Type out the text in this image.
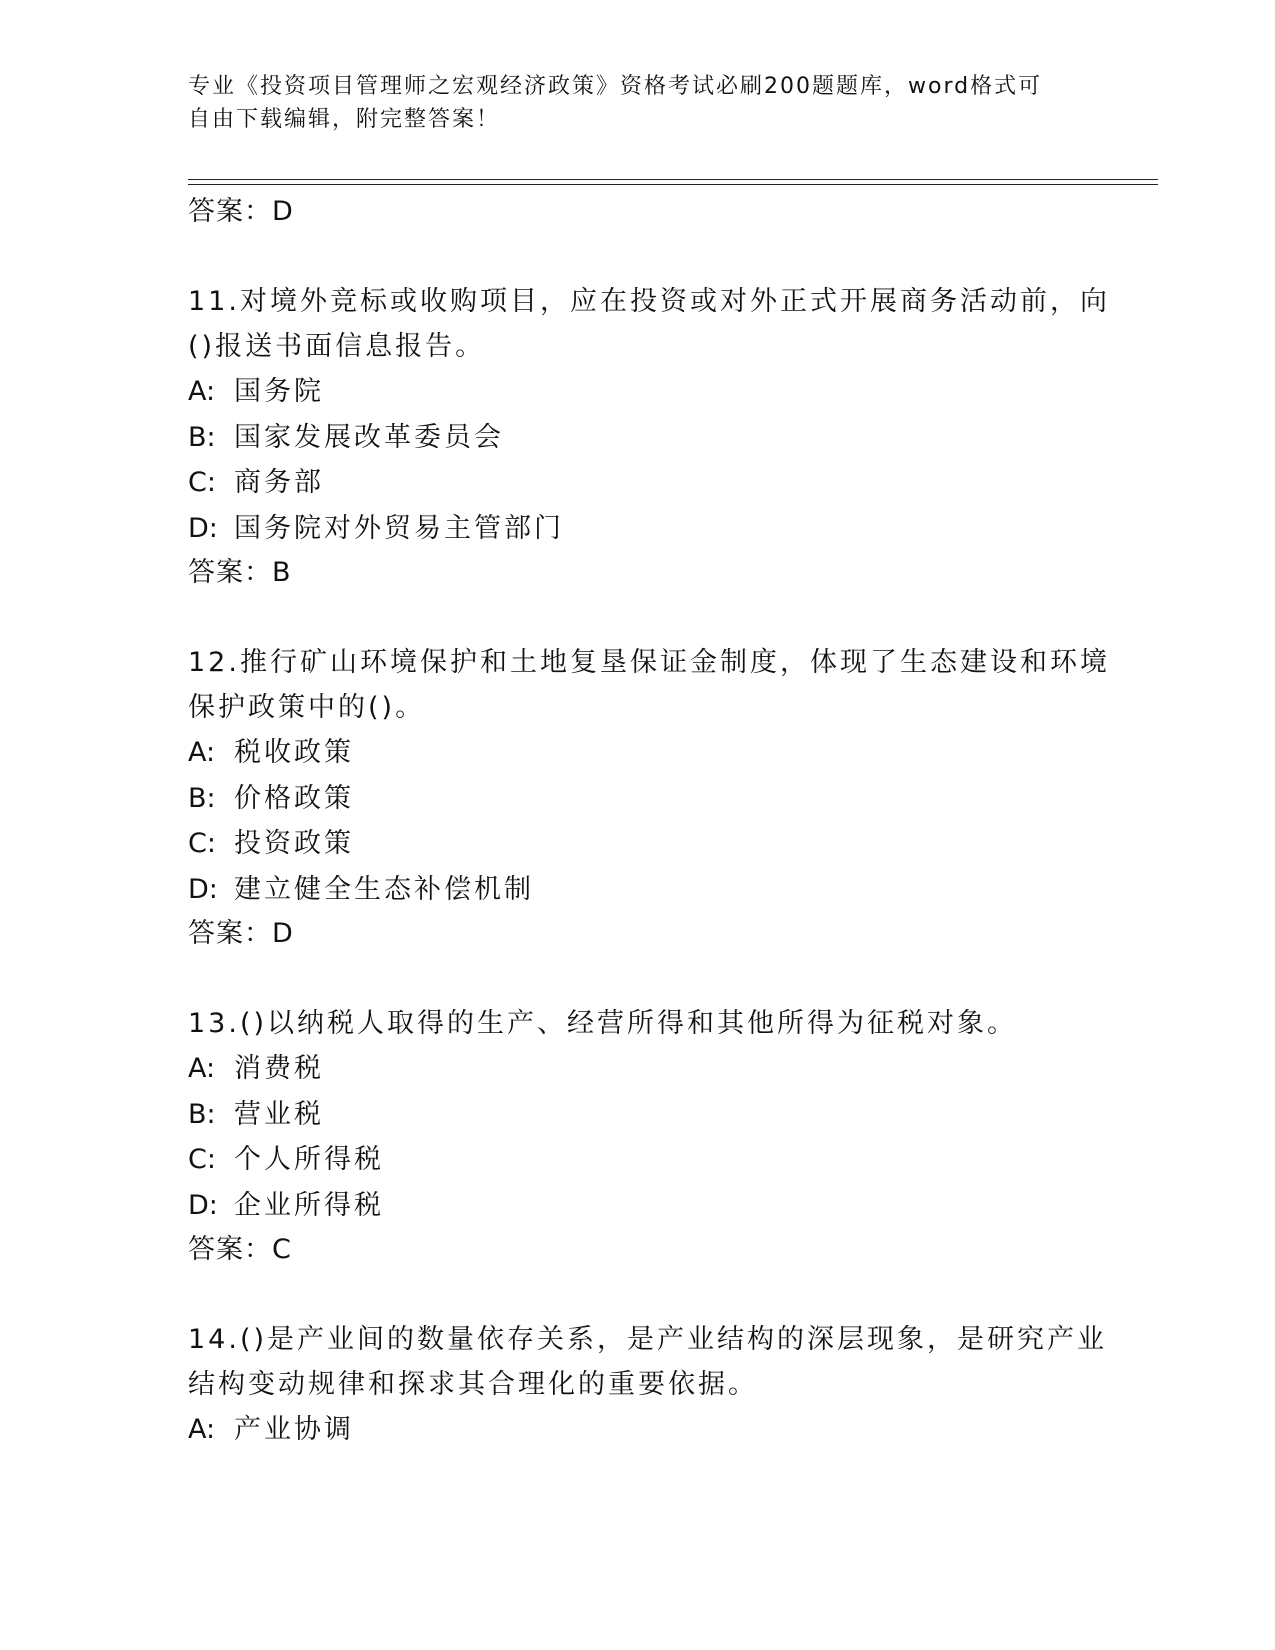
专业《投资项目管理师之宏观经济政策》资格考试必刷200题题库，word格式可
自由下载编辑，附完整答案！
答案：D
11.对境外竞标或收购项目，应在投资或对外正式开展商务活动前，向
()报送书面信息报告。
A: 国务院
B: 国家发展改革委员会
C: 商务部
D: 国务院对外贸易主管部门
答案：B
12.推行矿山环境保护和土地复垦保证金制度，体现了生态建设和环境
保护政策中的()。
A: 税收政策
B: 价格政策
C: 投资政策
D: 建立健全生态补偿机制
答案：D
13.()以纳税人取得的生产、经营所得和其他所得为征税对象。
A: 消费税
B: 营业税
C: 个人所得税
D: 企业所得税
答案：C
14.()是产业间的数量依存关系，是产业结构的深层现象，是研究产业
结构变动规律和探求其合理化的重要依据。
A: 产业协调
